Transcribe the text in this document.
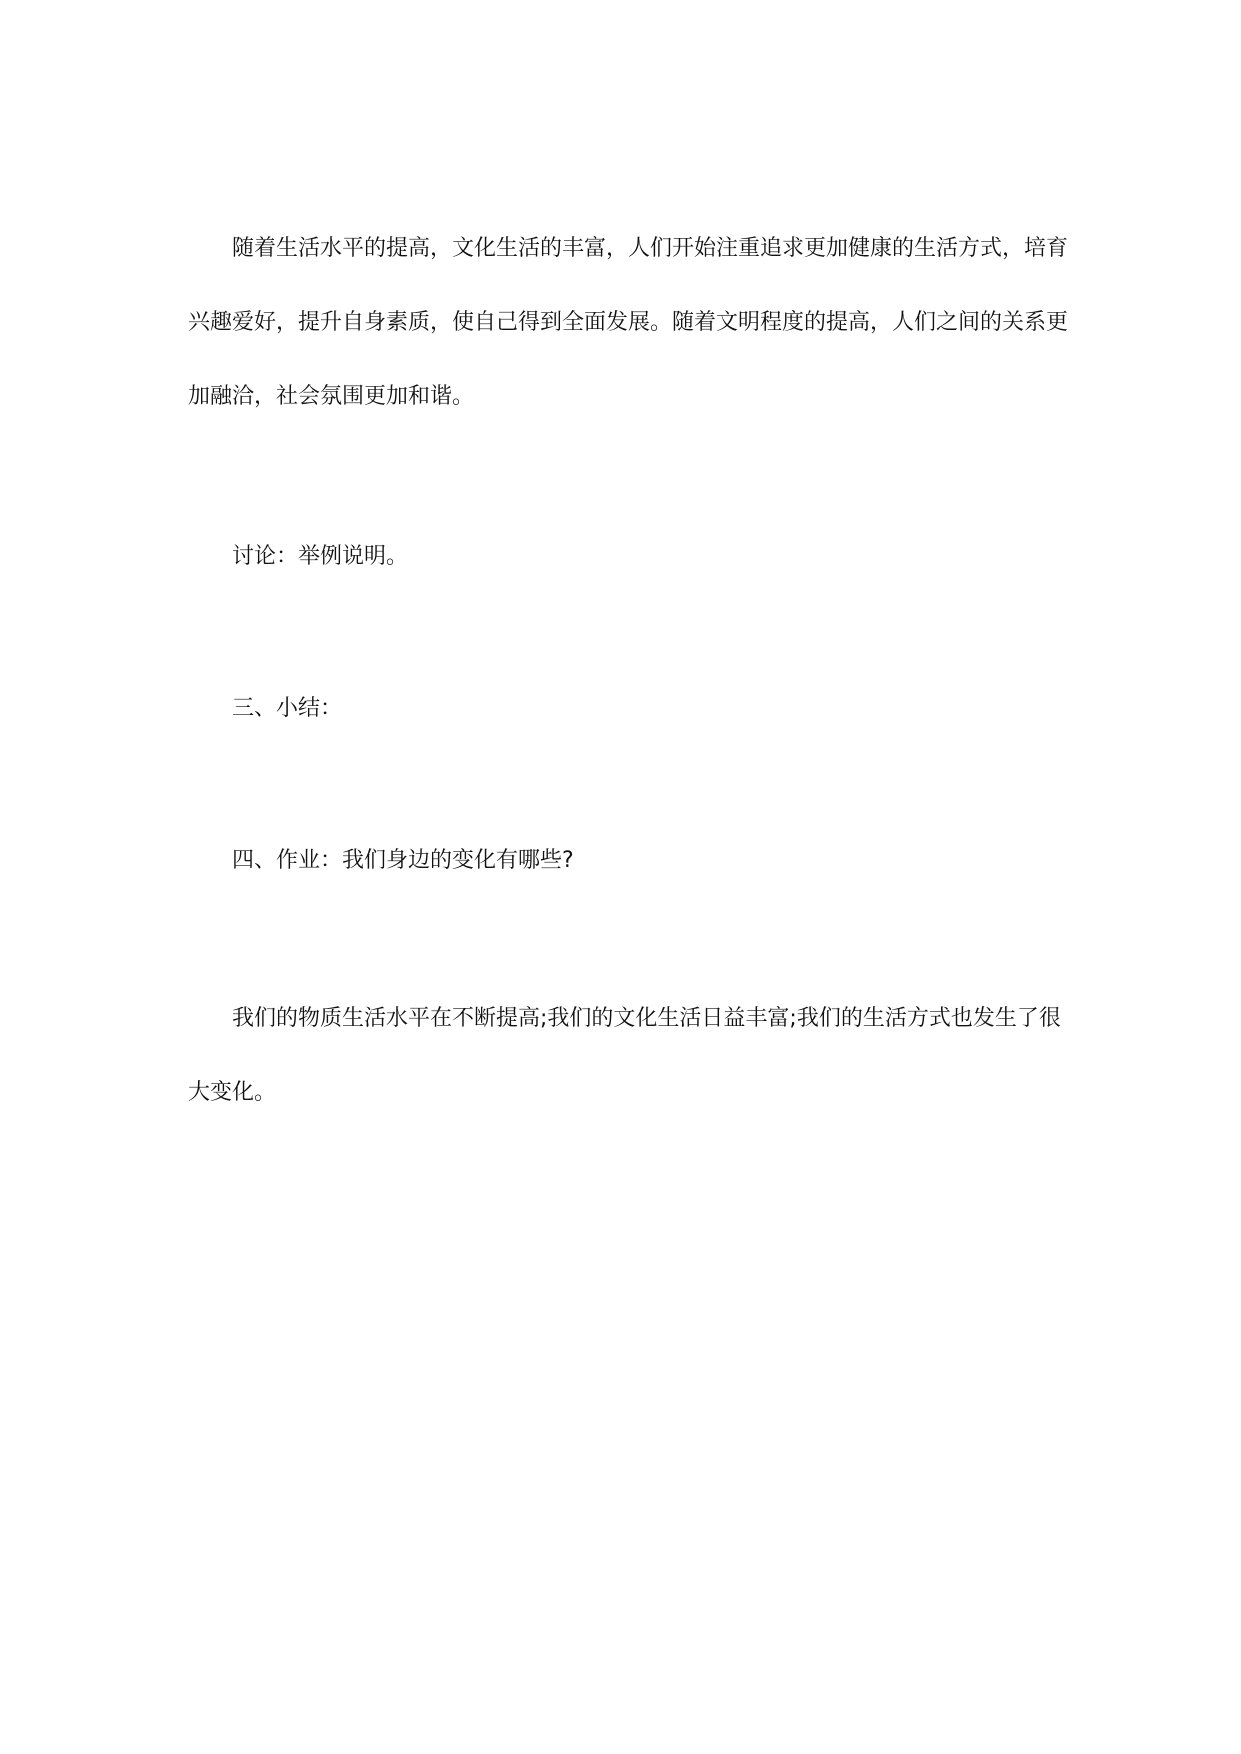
随着生活水平的提高，文化生活的丰富，人们开始注重追求更加健康的生活方式，培育兴趣爱好，提升自身素质，使自己得到全面发展。随着文明程度的提高，人们之间的关系更加融洽，社会氛围更加和谐。

讨论：举例说明。

三、小结：

四、作业：我们身边的变化有哪些?

我们的物质生活水平在不断提高;我们的文化生活日益丰富;我们的生活方式也发生了很大变化。
